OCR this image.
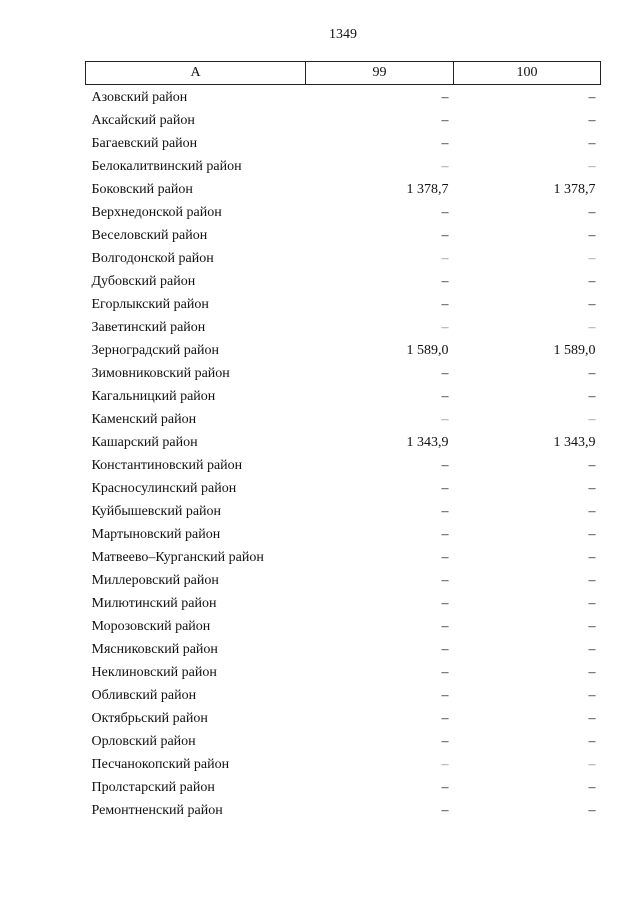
1349
А	99	100
Азовский район	–	–
Аксайский район	–	–
Багаевский район	–	–
Белокалитвинский район	–	–
Боковский район	1 378,7	1 378,7
Верхнедонской район	–	–
Веселовский район	–	–
Волгодонской район	–	–
Дубовский район	–	–
Егорлыкский район	–	–
Заветинский район	–	–
Зерноградский район	1 589,0	1 589,0
Зимовниковский район	–	–
Кагальницкий район	–	–
Каменский район	–	–
Кашарский район	1 343,9	1 343,9
Константиновский район	–	–
Красносулинский район	–	–
Куйбышевский район	–	–
Мартыновский район	–	–
Матвеево–Курганский район	–	–
Миллеровский район	–	–
Милютинский район	–	–
Морозовский район	–	–
Мясниковский район	–	–
Неклиновский район	–	–
Обливский район	–	–
Октябрьский район	–	–
Орловский район	–	–
Песчанокопский район	–	–
Пролстарский район	–	–
Ремонтненский район	–	–
